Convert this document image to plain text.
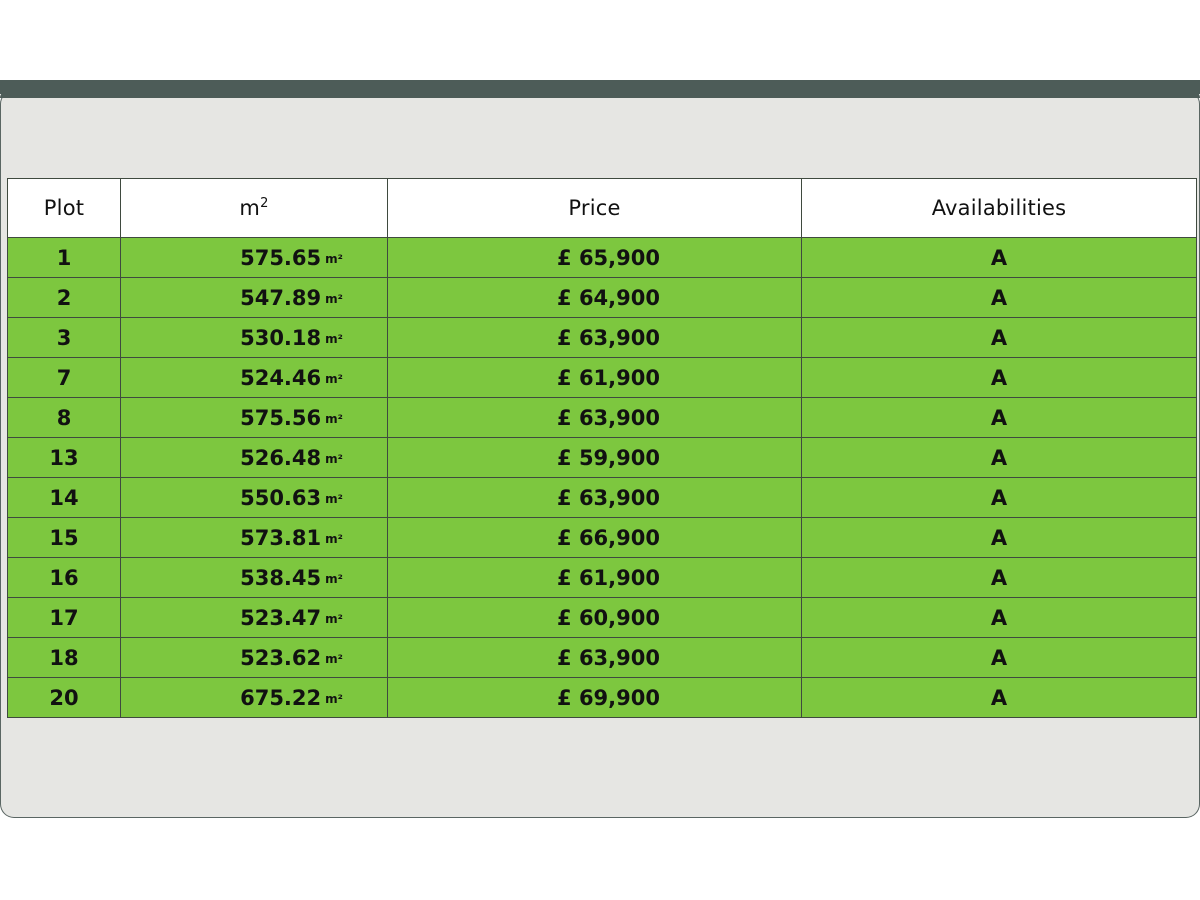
Plot	$m^2$	Price	Availabilities
1	575.65 m²	£ 65,900	A
2	547.89 m²	£ 64,900	A
3	530.18 m²	£ 63,900	A
7	524.46 m²	£ 61,900	A
8	575.56 m²	£ 63,900	A
13	526.48 m²	£ 59,900	A
14	550.63 m²	£ 63,900	A
15	573.81 m²	£ 66,900	A
16	538.45 m²	£ 61,900	A
17	523.47 m²	£ 60,900	A
18	523.62 m²	£ 63,900	A
20	675.22 m²	£ 69,900	A
